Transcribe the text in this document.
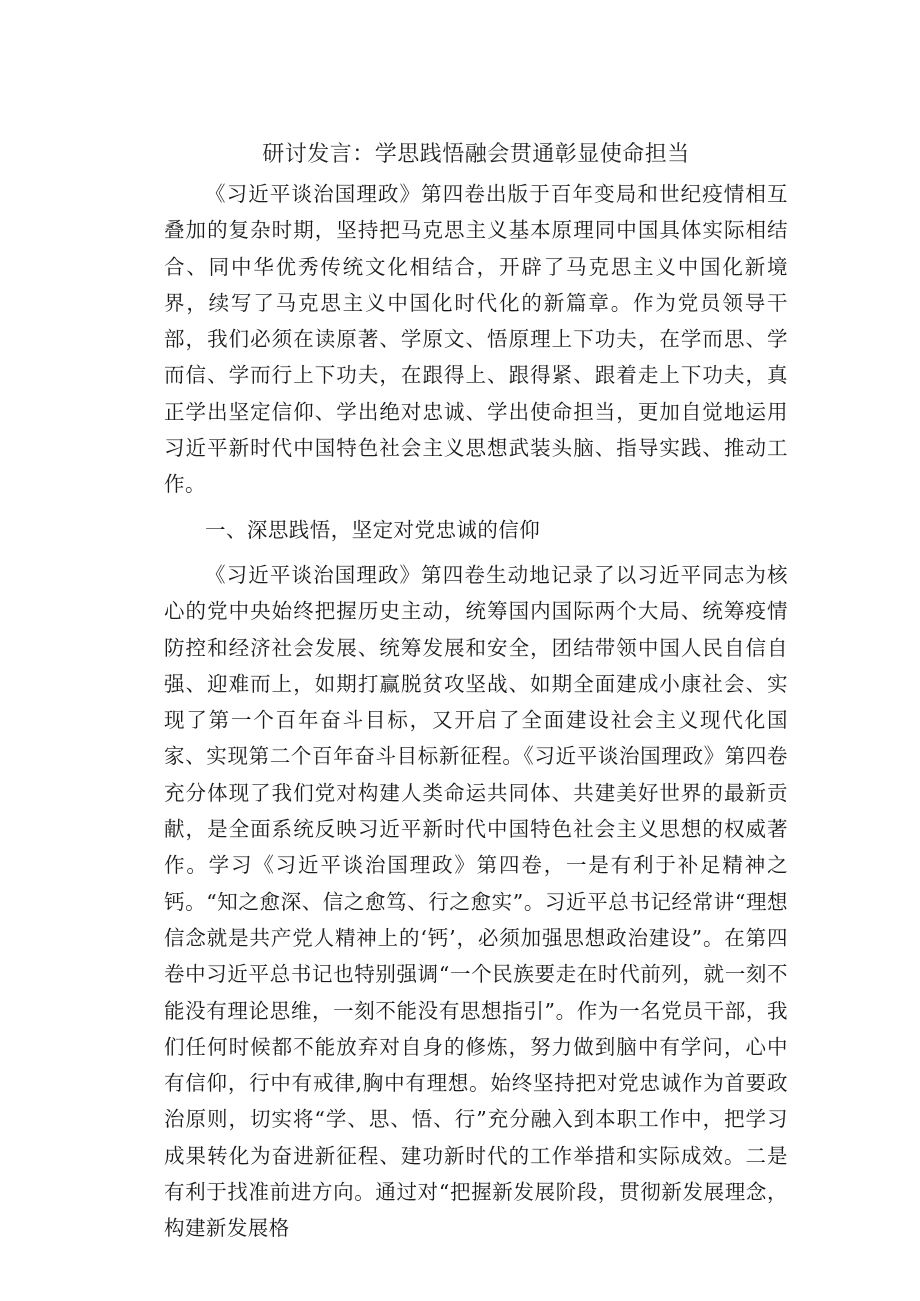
研讨发言：学思践悟融会贯通彰显使命担当

《习近平谈治国理政》第四卷出版于百年变局和世纪疫情相互叠加的复杂时期，坚持把马克思主义基本原理同中国具体实际相结合、同中华优秀传统文化相结合，开辟了马克思主义中国化新境界，续写了马克思主义中国化时代化的新篇章。作为党员领导干部，我们必须在读原著、学原文、悟原理上下功夫，在学而思、学而信、学而行上下功夫，在跟得上、跟得紧、跟着走上下功夫，真正学出坚定信仰、学出绝对忠诚、学出使命担当，更加自觉地运用习近平新时代中国特色社会主义思想武装头脑、指导实践、推动工作。

一、深思践悟，坚定对党忠诚的信仰

《习近平谈治国理政》第四卷生动地记录了以习近平同志为核心的党中央始终把握历史主动，统筹国内国际两个大局、统筹疫情防控和经济社会发展、统筹发展和安全，团结带领中国人民自信自强、迎难而上，如期打赢脱贫攻坚战、如期全面建成小康社会、实现了第一个百年奋斗目标，又开启了全面建设社会主义现代化国家、实现第二个百年奋斗目标新征程。《习近平谈治国理政》第四卷充分体现了我们党对构建人类命运共同体、共建美好世界的最新贡献，是全面系统反映习近平新时代中国特色社会主义思想的权威著作。学习《习近平谈治国理政》第四卷，一是有利于补足精神之钙。“知之愈深、信之愈笃、行之愈实”。习近平总书记经常讲“理想信念就是共产党人精神上的‘钙’，必须加强思想政治建设”。在第四卷中习近平总书记也特别强调“一个民族要走在时代前列，就一刻不能没有理论思维，一刻不能没有思想指引”。作为一名党员干部，我们任何时候都不能放弃对自身的修炼，努力做到脑中有学问，心中有信仰，行中有戒律,胸中有理想。始终坚持把对党忠诚作为首要政治原则，切实将“学、思、悟、行”充分融入到本职工作中，把学习成果转化为奋进新征程、建功新时代的工作举措和实际成效。二是有利于找准前进方向。通过对“把握新发展阶段，贯彻新发展理念，构建新发展格
